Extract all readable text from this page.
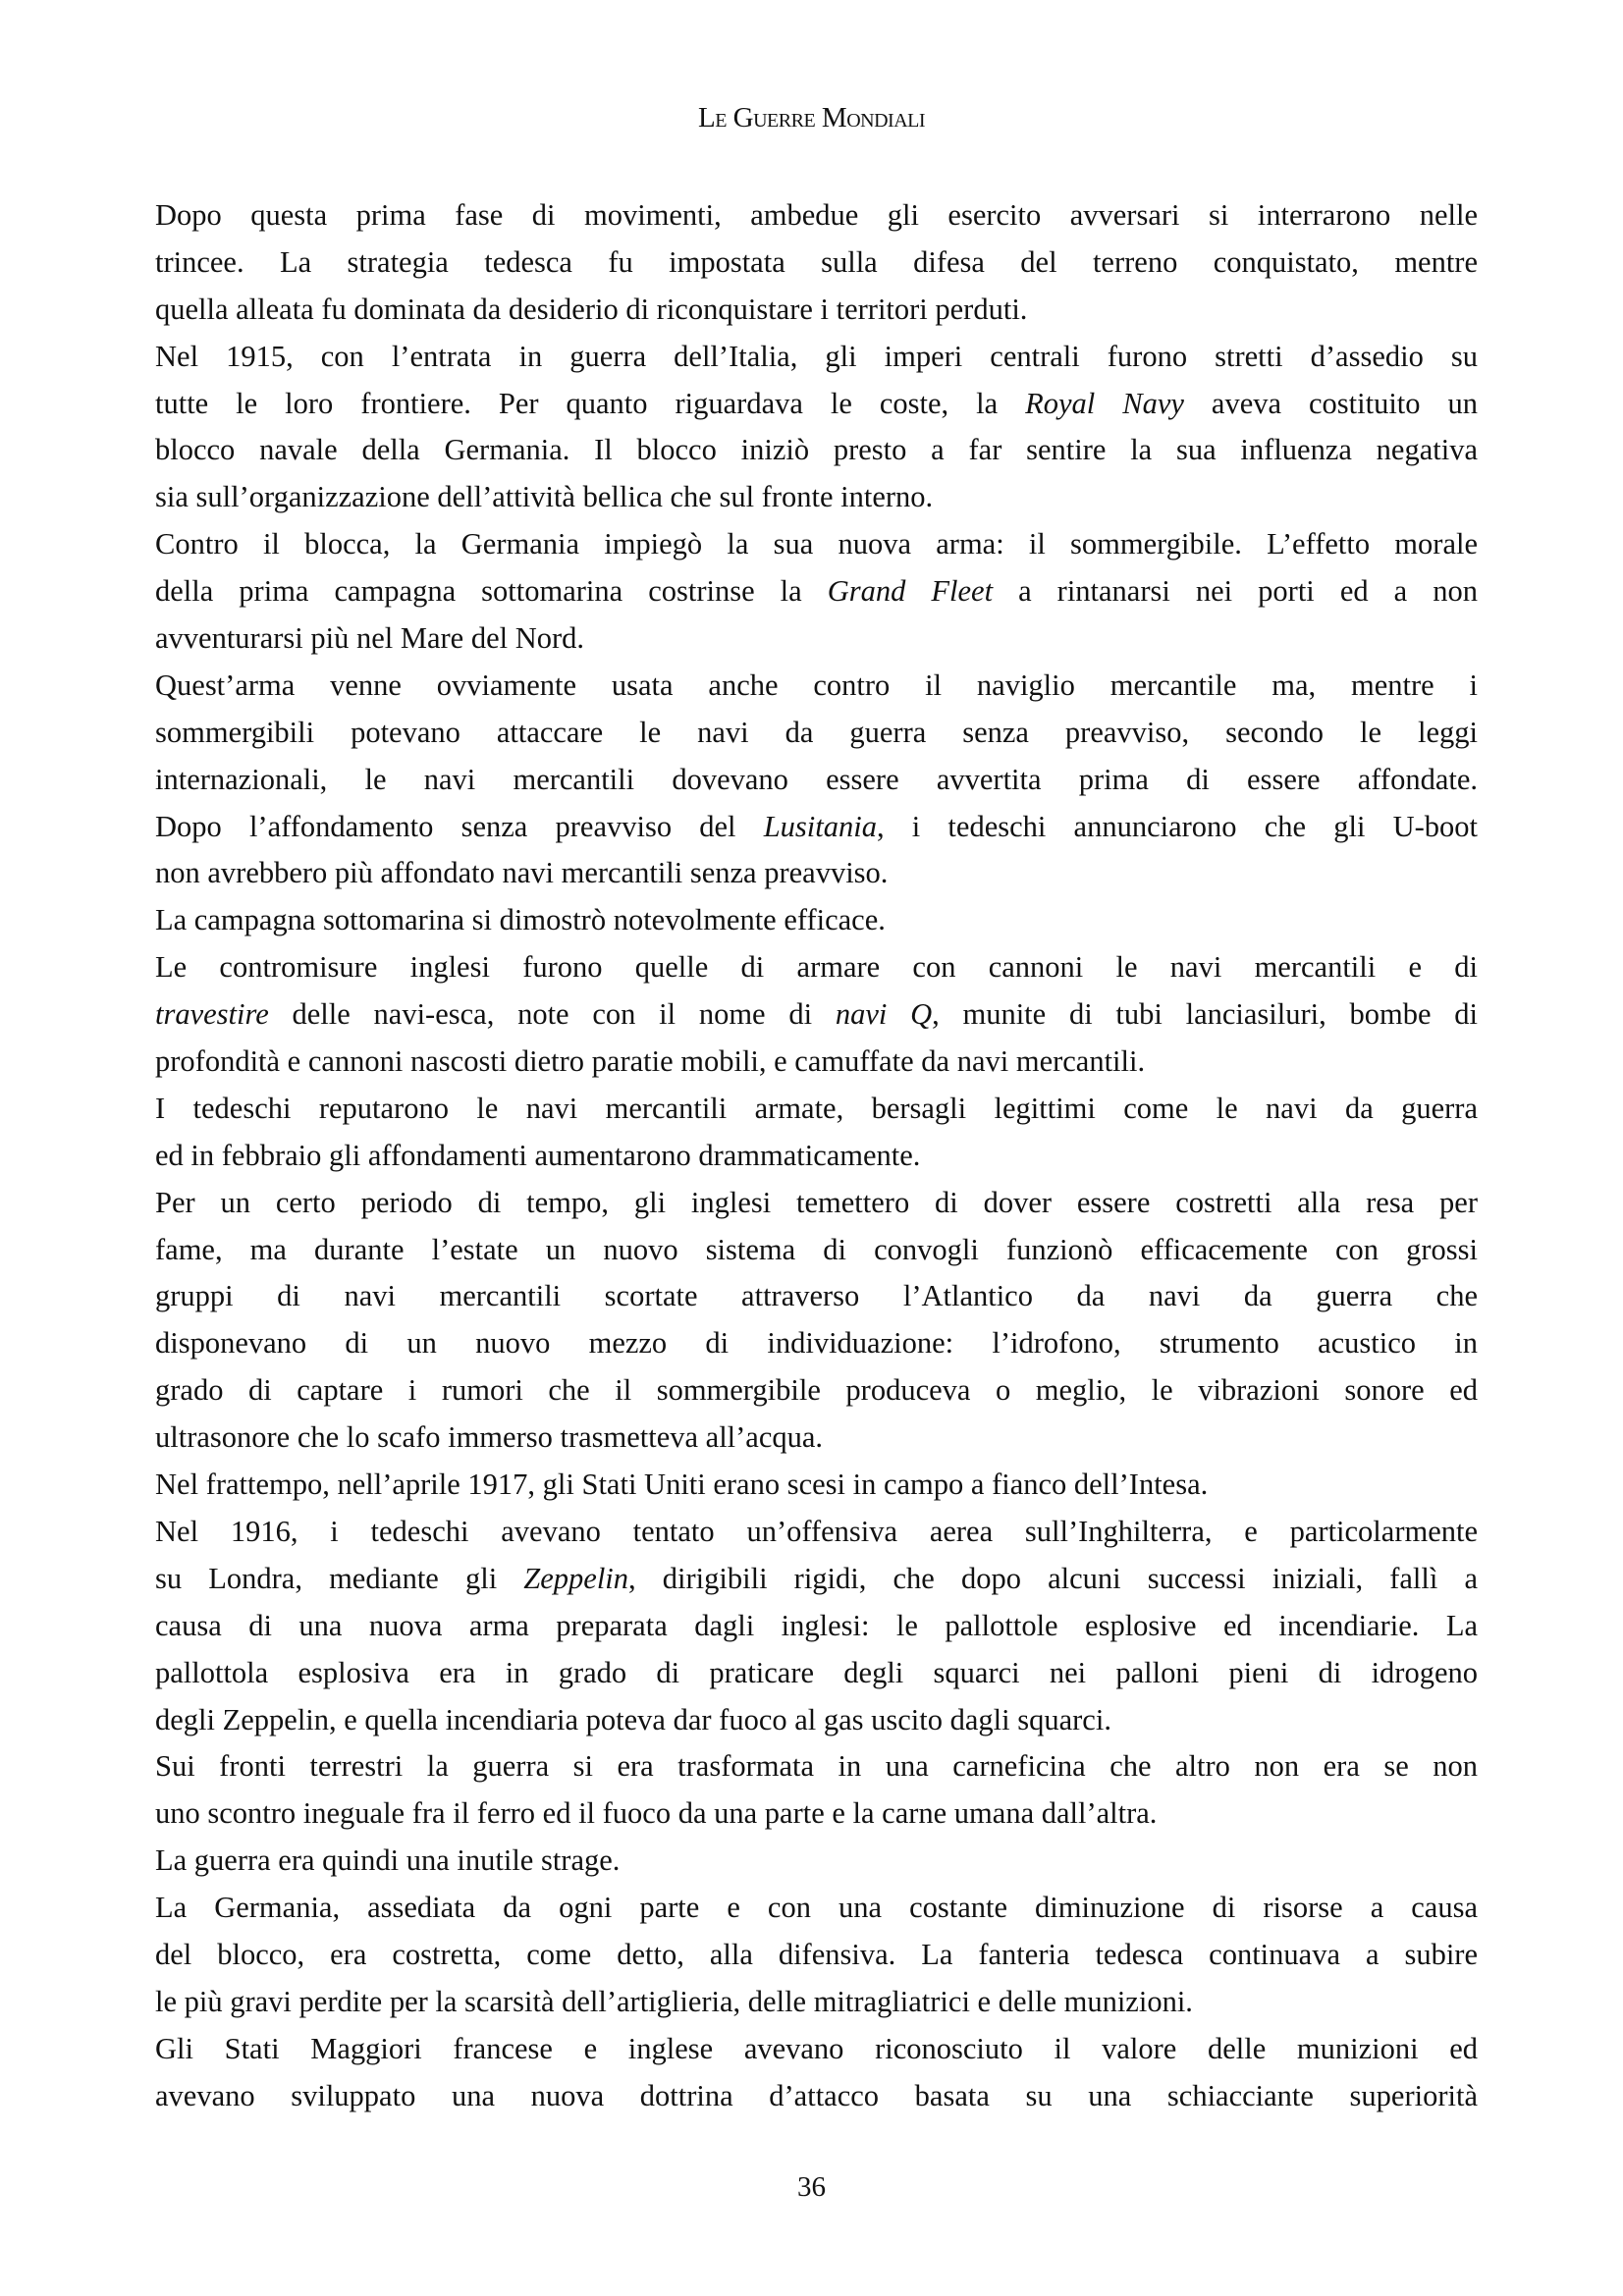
Le Guerre Mondiali
Dopo questa prima fase di movimenti, ambedue gli esercito avversari si interrarono nelle
trincee. La strategia tedesca fu impostata sulla difesa del terreno conquistato, mentre
quella alleata fu dominata da desiderio di riconquistare i territori perduti.
Nel 1915, con l’entrata in guerra dell’Italia, gli imperi centrali furono stretti d’assedio su
tutte le loro frontiere. Per quanto riguardava le coste, la Royal Navy aveva costituito un
blocco navale della Germania. Il blocco iniziò presto a far sentire la sua influenza negativa
sia sull’organizzazione dell’attività bellica che sul fronte interno.
Contro il blocca, la Germania impiegò la sua nuova arma: il sommergibile. L’effetto morale
della prima campagna sottomarina costrinse la Grand Fleet a rintanarsi nei porti ed a non
avventurarsi più nel Mare del Nord.
Quest’arma venne ovviamente usata anche contro il naviglio mercantile ma, mentre i
sommergibili potevano attaccare le navi da guerra senza preavviso, secondo le leggi
internazionali, le navi mercantili dovevano essere avvertita prima di essere affondate.
Dopo l’affondamento senza preavviso del Lusitania, i tedeschi annunciarono che gli U-boot
non avrebbero più affondato navi mercantili senza preavviso.
La campagna sottomarina si dimostrò notevolmente efficace.
Le contromisure inglesi furono quelle di armare con cannoni le navi mercantili e di
travestire delle navi-esca, note con il nome di navi Q, munite di tubi lanciasiluri, bombe di
profondità e cannoni nascosti dietro paratie mobili, e camuffate da navi mercantili.
I tedeschi reputarono le navi mercantili armate, bersagli legittimi come le navi da guerra
ed in febbraio gli affondamenti aumentarono drammaticamente.
Per un certo periodo di tempo, gli inglesi temettero di dover essere costretti alla resa per
fame, ma durante l’estate un nuovo sistema di convogli funzionò efficacemente con grossi
gruppi di navi mercantili scortate attraverso l’Atlantico da navi da guerra che
disponevano di un nuovo mezzo di individuazione: l’idrofono, strumento acustico in
grado di captare i rumori che il sommergibile produceva o meglio, le vibrazioni sonore ed
ultrasonore che lo scafo immerso trasmetteva all’acqua.
Nel frattempo, nell’aprile 1917, gli Stati Uniti erano scesi in campo a fianco dell’Intesa.
Nel 1916, i tedeschi avevano tentato un’offensiva aerea sull’Inghilterra, e particolarmente
su Londra, mediante gli Zeppelin, dirigibili rigidi, che dopo alcuni successi iniziali, fallì a
causa di una nuova arma preparata dagli inglesi: le pallottole esplosive ed incendiarie. La
pallottola esplosiva era in grado di praticare degli squarci nei palloni pieni di idrogeno
degli Zeppelin, e quella incendiaria poteva dar fuoco al gas uscito dagli squarci.
Sui fronti terrestri la guerra si era trasformata in una carneficina che altro non era se non
uno scontro ineguale fra il ferro ed il fuoco da una parte e la carne umana dall’altra.
La guerra era quindi una inutile strage.
La Germania, assediata da ogni parte e con una costante diminuzione di risorse a causa
del blocco, era costretta, come detto, alla difensiva. La fanteria tedesca continuava a subire
le più gravi perdite per la scarsità dell’artiglieria, delle mitragliatrici e delle munizioni.
Gli Stati Maggiori francese e inglese avevano riconosciuto il valore delle munizioni ed
avevano sviluppato una nuova dottrina d’attacco basata su una schiacciante superiorità
36
